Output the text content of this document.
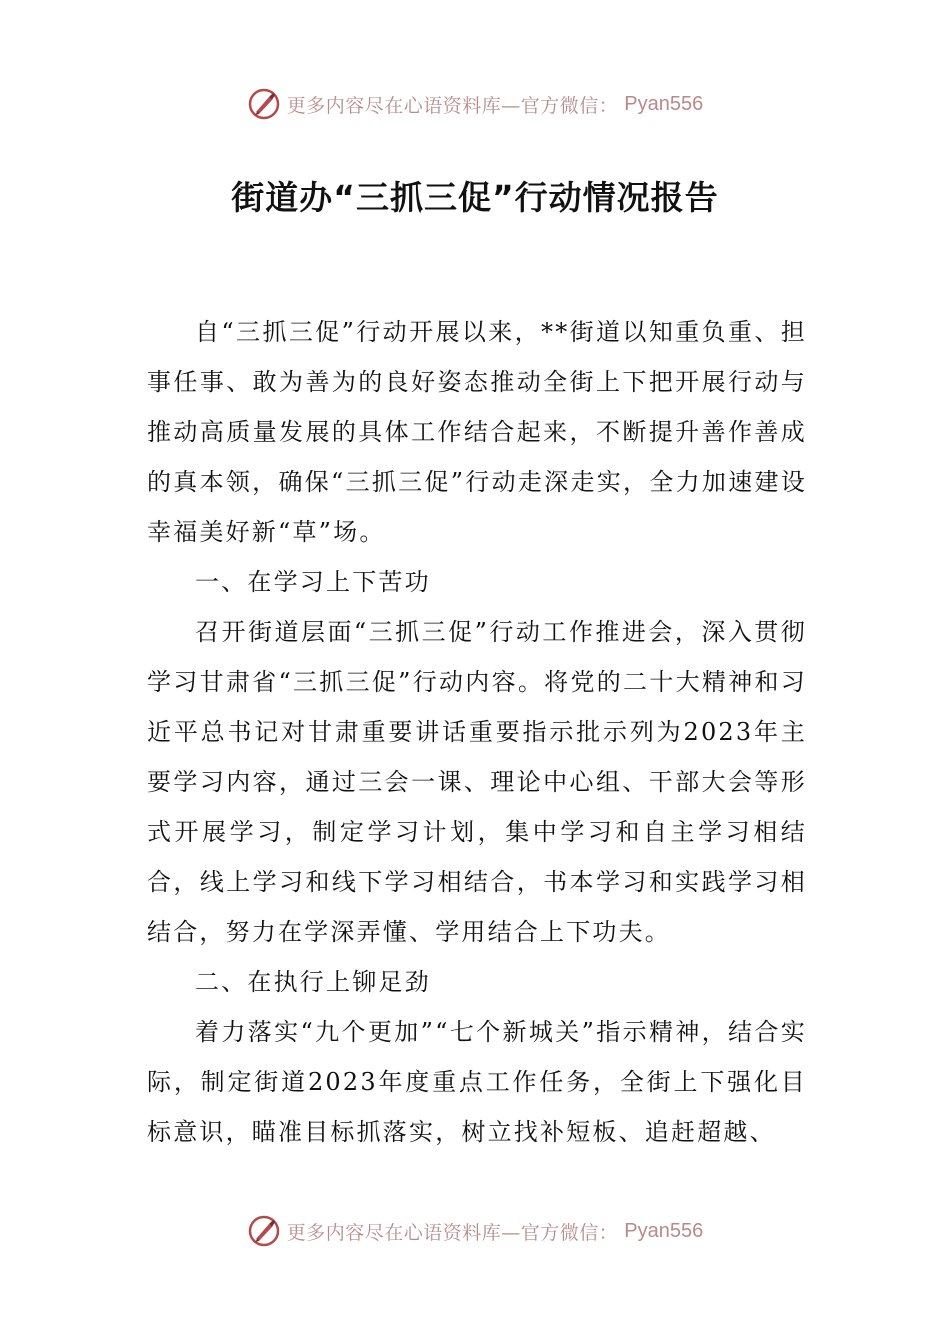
更多内容尽在心语资料库—官方微信： Pyan556
街道办“三抓三促”行动情况报告

自“三抓三促”行动开展以来，**街道以知重负重、担事任事、敢为善为的良好姿态推动全街上下把开展行动与推动高质量发展的具体工作结合起来，不断提升善作善成的真本领，确保“三抓三促”行动走深走实，全力加速建设幸福美好新“草”场。

一、在学习上下苦功

召开街道层面“三抓三促”行动工作推进会，深入贯彻学习甘肃省“三抓三促”行动内容。将党的二十大精神和习近平总书记对甘肃重要讲话重要指示批示列为2023年主要学习内容，通过三会一课、理论中心组、干部大会等形式开展学习，制定学习计划，集中学习和自主学习相结合，线上学习和线下学习相结合，书本学习和实践学习相结合，努力在学深弄懂、学用结合上下功夫。

二、在执行上铆足劲

着力落实“九个更加”“七个新城关”指示精神，结合实际，制定街道2023年度重点工作任务，全街上下强化目标意识，瞄准目标抓落实，树立找补短板、追赶超越、

更多内容尽在心语资料库—官方微信： Pyan556
